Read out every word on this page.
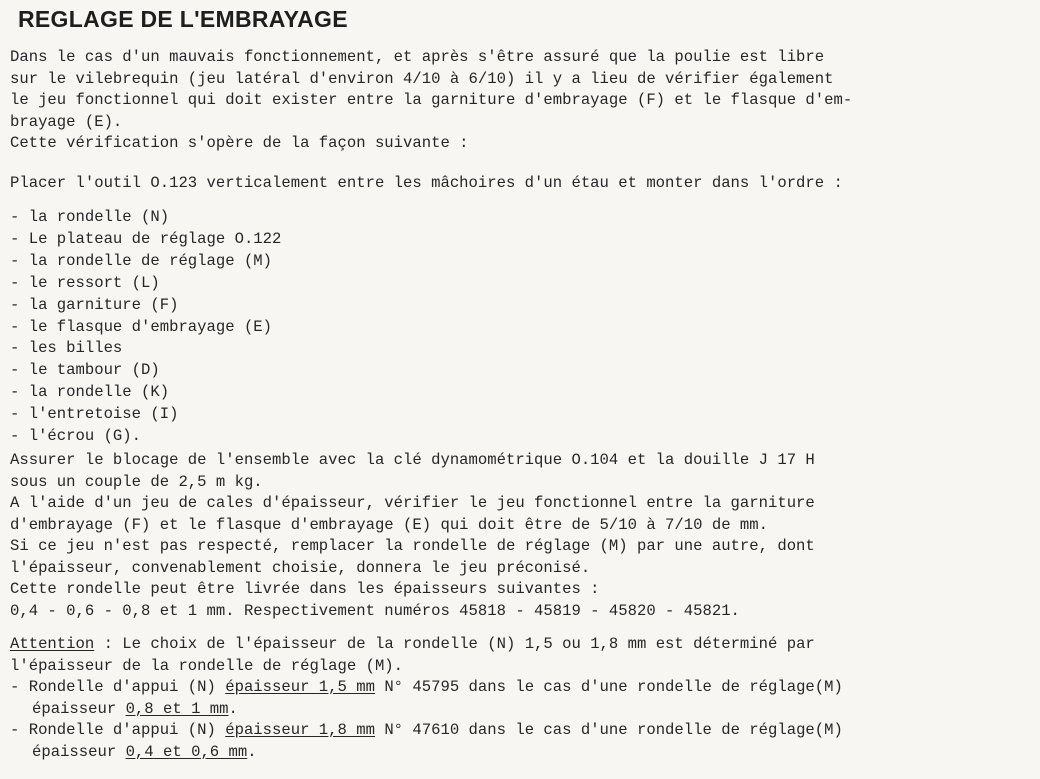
REGLAGE DE L'EMBRAYAGE

Dans le cas d'un mauvais fonctionnement, et après s'être assuré que la poulie est libre

sur le vilebrequin (jeu latéral d'environ 4/10 à 6/10) il y a lieu de vérifier également

le jeu fonctionnel qui doit exister entre la garniture d'embrayage (F) et le flasque d'em-

brayage (E).

Cette vérification s'opère de la façon suivante :

Placer l'outil O.123 verticalement entre les mâchoires d'un étau et monter dans l'ordre :

- la rondelle (N)
- Le plateau de réglage O.122
- la rondelle de réglage (M)
- le ressort (L)
- la garniture (F)
- le flasque d'embrayage (E)
- les billes
- le tambour (D)
- la rondelle (K)
- l'entretoise (I)
- l'écrou (G).

Assurer le blocage de l'ensemble avec la clé dynamométrique O.104 et la douille J 17 H

sous un couple de 2,5 m kg.

A l'aide d'un jeu de cales d'épaisseur, vérifier le jeu fonctionnel entre la garniture

d'embrayage (F) et le flasque d'embrayage (E) qui doit être de 5/10 à 7/10 de mm.

Si ce jeu n'est pas respecté, remplacer la rondelle de réglage (M) par une autre, dont

l'épaisseur, convenablement choisie, donnera le jeu préconisé.

Cette rondelle peut être livrée dans les épaisseurs suivantes :

0,4 - 0,6 - 0,8 et 1 mm. Respectivement numéros 45818 - 45819 - 45820 - 45821.

Attention : Le choix de l'épaisseur de la rondelle (N) 1,5 ou 1,8 mm est déterminé par

l'épaisseur de la rondelle de réglage (M).

- Rondelle d'appui (N) épaisseur 1,5 mm N° 45795 dans le cas d'une rondelle de réglage(M)

épaisseur 0,8 et 1 mm.

- Rondelle d'appui (N) épaisseur 1,8 mm N° 47610 dans le cas d'une rondelle de réglage(M)

épaisseur 0,4 et 0,6 mm.
